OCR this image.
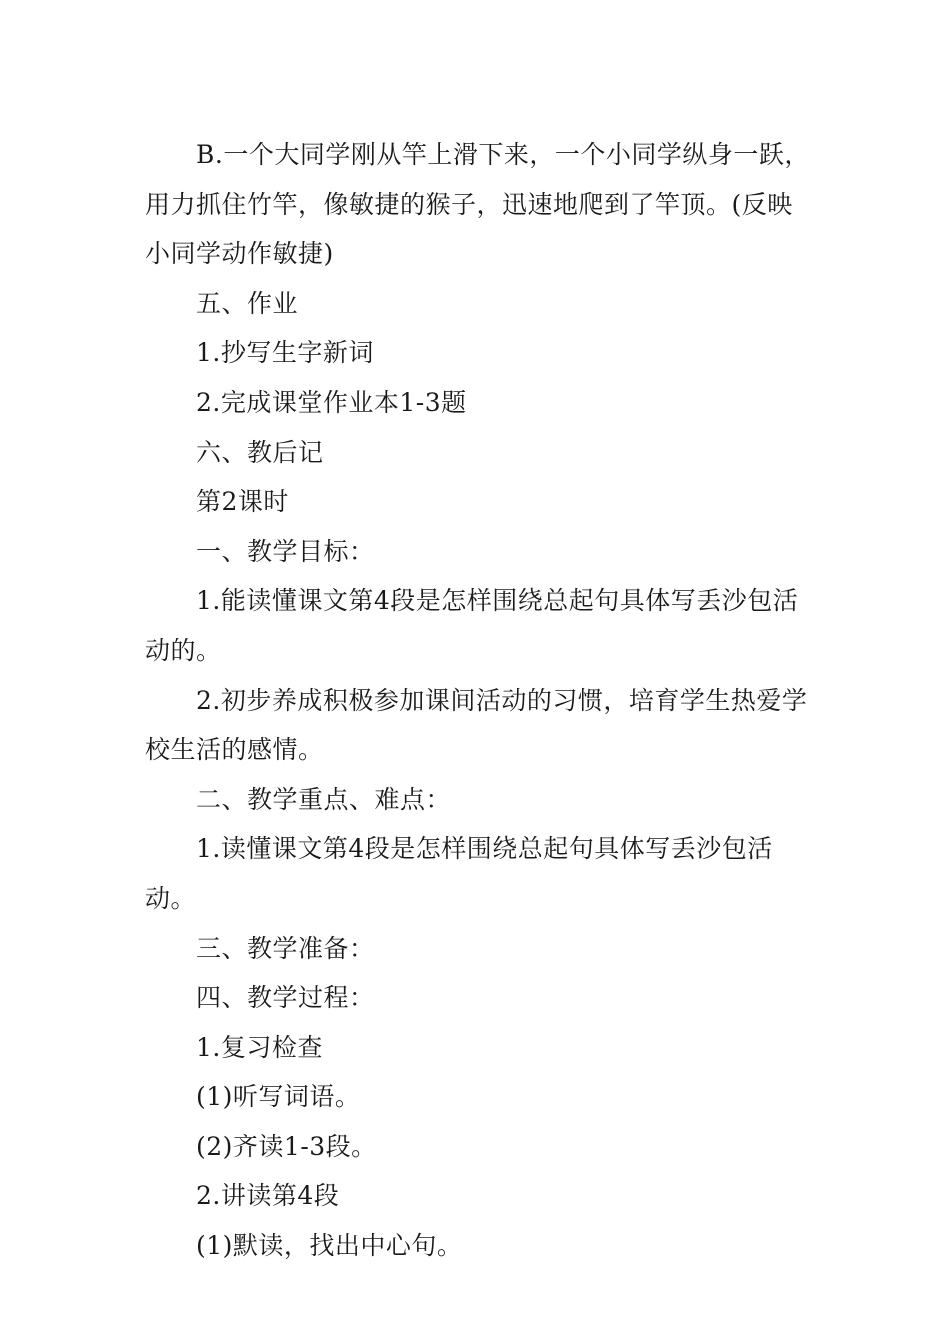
B.一个大同学刚从竿上滑下来，一个小同学纵身一跃，用力抓住竹竿，像敏捷的猴子，迅速地爬到了竿顶。(反映小同学动作敏捷)

五、作业

1.抄写生字新词

2.完成课堂作业本1-3题

六、教后记

第2课时

一、教学目标：

1.能读懂课文第4段是怎样围绕总起句具体写丢沙包活动的。

2.初步养成积极参加课间活动的习惯，培育学生热爱学校生活的感情。

二、教学重点、难点：

1.读懂课文第4段是怎样围绕总起句具体写丢沙包活动。

三、教学准备：

四、教学过程：

1.复习检查

(1)听写词语。

(2)齐读1-3段。

2.讲读第4段

(1)默读，找出中心句。
